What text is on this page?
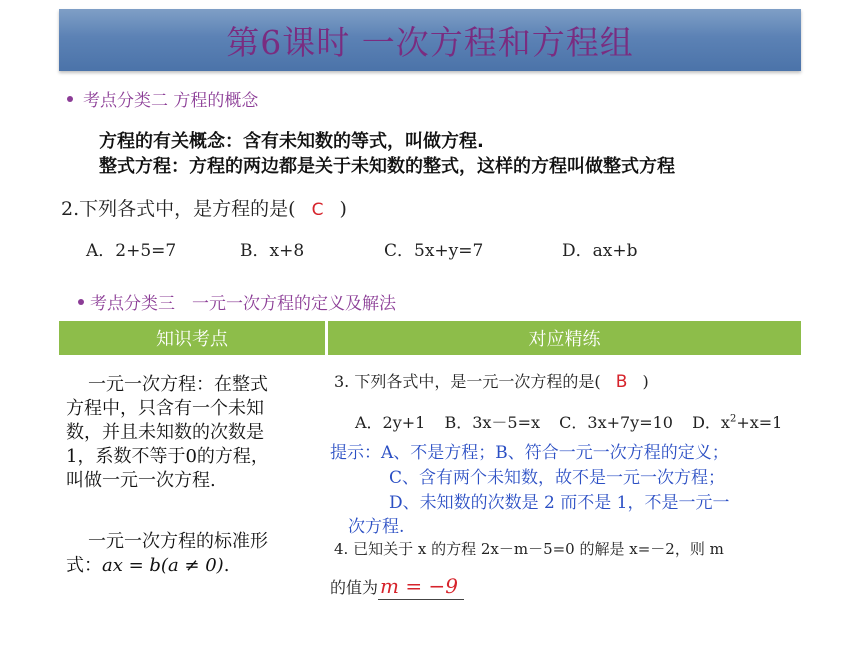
第6课时 一次方程和方程组
考点分类二 方程的概念
方程的有关概念：含有未知数的等式，叫做方程.
整式方程：方程的两边都是关于未知数的整式，这样的方程叫做整式方程
2.下列各式中，是方程的是( C )
A．2+5=7	B．x+8	C．5x+y=7	D．ax+b
考点分类三　一元一次方程的定义及解法
知识考点	对应精练
一元一次方程：在整式
方程中，只含有一个未知
数，并且未知数的次数是
1，系数不等于0的方程，
叫做一元一次方程.
一元一次方程的标准形
式：ax = b(a ≠ 0).
3. 下列各式中，是一元一次方程的是( B )
A．2y+1 B．3x－5=x C．3x+7y=10 D．$x^2+x=1$
提示：A、不是方程；B、符合一元一次方程的定义；
C、含有两个未知数，故不是一元一次方程；
D、未知数的次数是 2 而不是 1，不是一元一
次方程.
4. 已知关于 x 的方程 2x－m－5=0 的解是 x=－2，则 m
的值为 m = −9
